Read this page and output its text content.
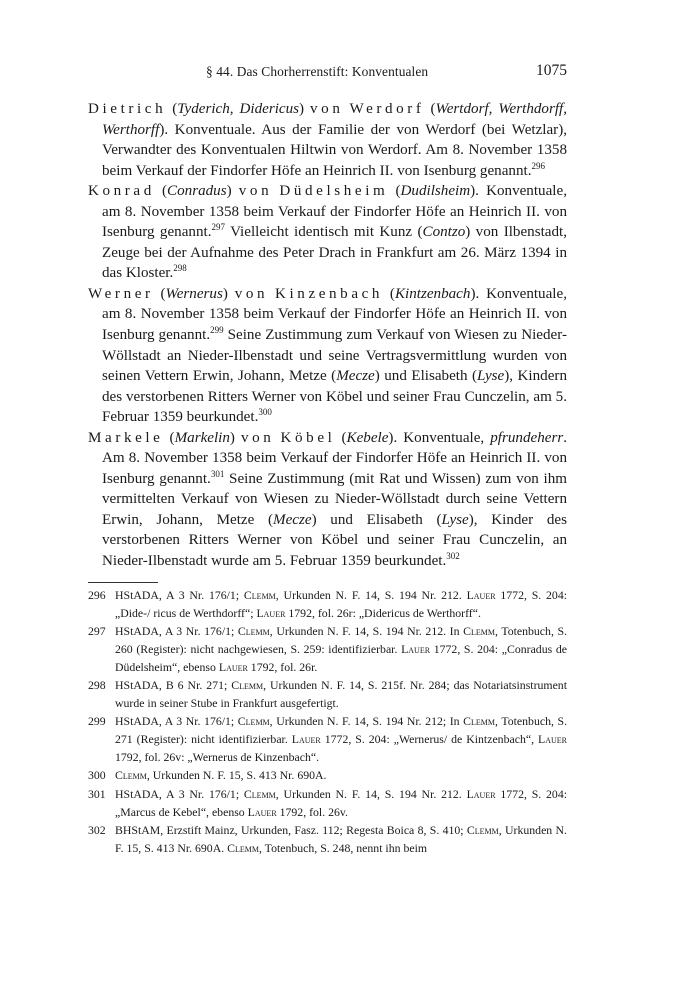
§ 44. Das Chorherrenstift: Konventualen	1075

Dietrich (Tyderich, Didericus) von Werdorf (Wertdorf, Werthdorff, Werthorff). Konventuale. Aus der Familie der von Werdorf (bei Wetzlar), Verwandter des Konventualen Hiltwin von Werdorf. Am 8. November 1358 beim Verkauf der Findorfer Höfe an Heinrich II. von Isenburg genannt.$^{296}$

Konrad (Conradus) von Düdelsheim (Dudilsheim). Konventuale, am 8. November 1358 beim Verkauf der Findorfer Höfe an Heinrich II. von Isenburg genannt.$^{297}$ Vielleicht identisch mit Kunz (Contzo) von Ilbenstadt, Zeuge bei der Aufnahme des Peter Drach in Frankfurt am 26. März 1394 in das Kloster.$^{298}$

Werner (Wernerus) von Kinzenbach (Kintzenbach). Konventuale, am 8. November 1358 beim Verkauf der Findorfer Höfe an Heinrich II. von Isenburg genannt.$^{299}$ Seine Zustimmung zum Verkauf von Wiesen zu Nieder-Wöllstadt an Nieder-Ilbenstadt und seine Vertragsvermittlung wurden von seinen Vettern Erwin, Johann, Metze (Mecze) und Elisabeth (Lyse), Kindern des verstorbenen Ritters Werner von Köbel und seiner Frau Cunczelin, am 5. Februar 1359 beurkundet.$^{300}$

Markele (Markelin) von Köbel (Kebele). Konventuale, pfrundeherr. Am 8. November 1358 beim Verkauf der Findorfer Höfe an Heinrich II. von Isenburg genannt.$^{301}$ Seine Zustimmung (mit Rat und Wissen) zum von ihm vermittelten Verkauf von Wiesen zu Nieder-Wöllstadt durch seine Vettern Erwin, Johann, Metze (Mecze) und Elisabeth (Lyse), Kinder des verstorbenen Ritters Werner von Köbel und seiner Frau Cunczelin, an Nieder-Ilbenstadt wurde am 5. Februar 1359 beurkundet.$^{302}$

296 HStADA, A 3 Nr. 176/1; Clemm, Urkunden N. F. 14, S. 194 Nr. 212. Lauer 1772, S. 204: „Dide-/ ricus de Werthdorff“; Lauer 1792, fol. 26r: „Didericus de Werthorff“.

297 HStADA, A 3 Nr. 176/1; Clemm, Urkunden N. F. 14, S. 194 Nr. 212. In Clemm, Totenbuch, S. 260 (Register): nicht nachgewiesen, S. 259: identifizierbar. Lauer 1772, S. 204: „Conradus de Düdelsheim“, ebenso Lauer 1792, fol. 26r.

298 HStADA, B 6 Nr. 271; Clemm, Urkunden N. F. 14, S. 215f. Nr. 284; das Notariatsinstrument wurde in seiner Stube in Frankfurt ausgefertigt.

299 HStADA, A 3 Nr. 176/1; Clemm, Urkunden N. F. 14, S. 194 Nr. 212; In Clemm, Totenbuch, S. 271 (Register): nicht identifizierbar. Lauer 1772, S. 204: „Wernerus/ de Kintzenbach“, Lauer 1792, fol. 26v: „Wernerus de Kinzenbach“.

300 Clemm, Urkunden N. F. 15, S. 413 Nr. 690A.

301 HStADA, A 3 Nr. 176/1; Clemm, Urkunden N. F. 14, S. 194 Nr. 212. Lauer 1772, S. 204: „Marcus de Kebel“, ebenso Lauer 1792, fol. 26v.

302 BHStAM, Erzstift Mainz, Urkunden, Fasz. 112; Regesta Boica 8, S. 410; Clemm, Urkunden N. F. 15, S. 413 Nr. 690A. Clemm, Totenbuch, S. 248, nennt ihn beim
